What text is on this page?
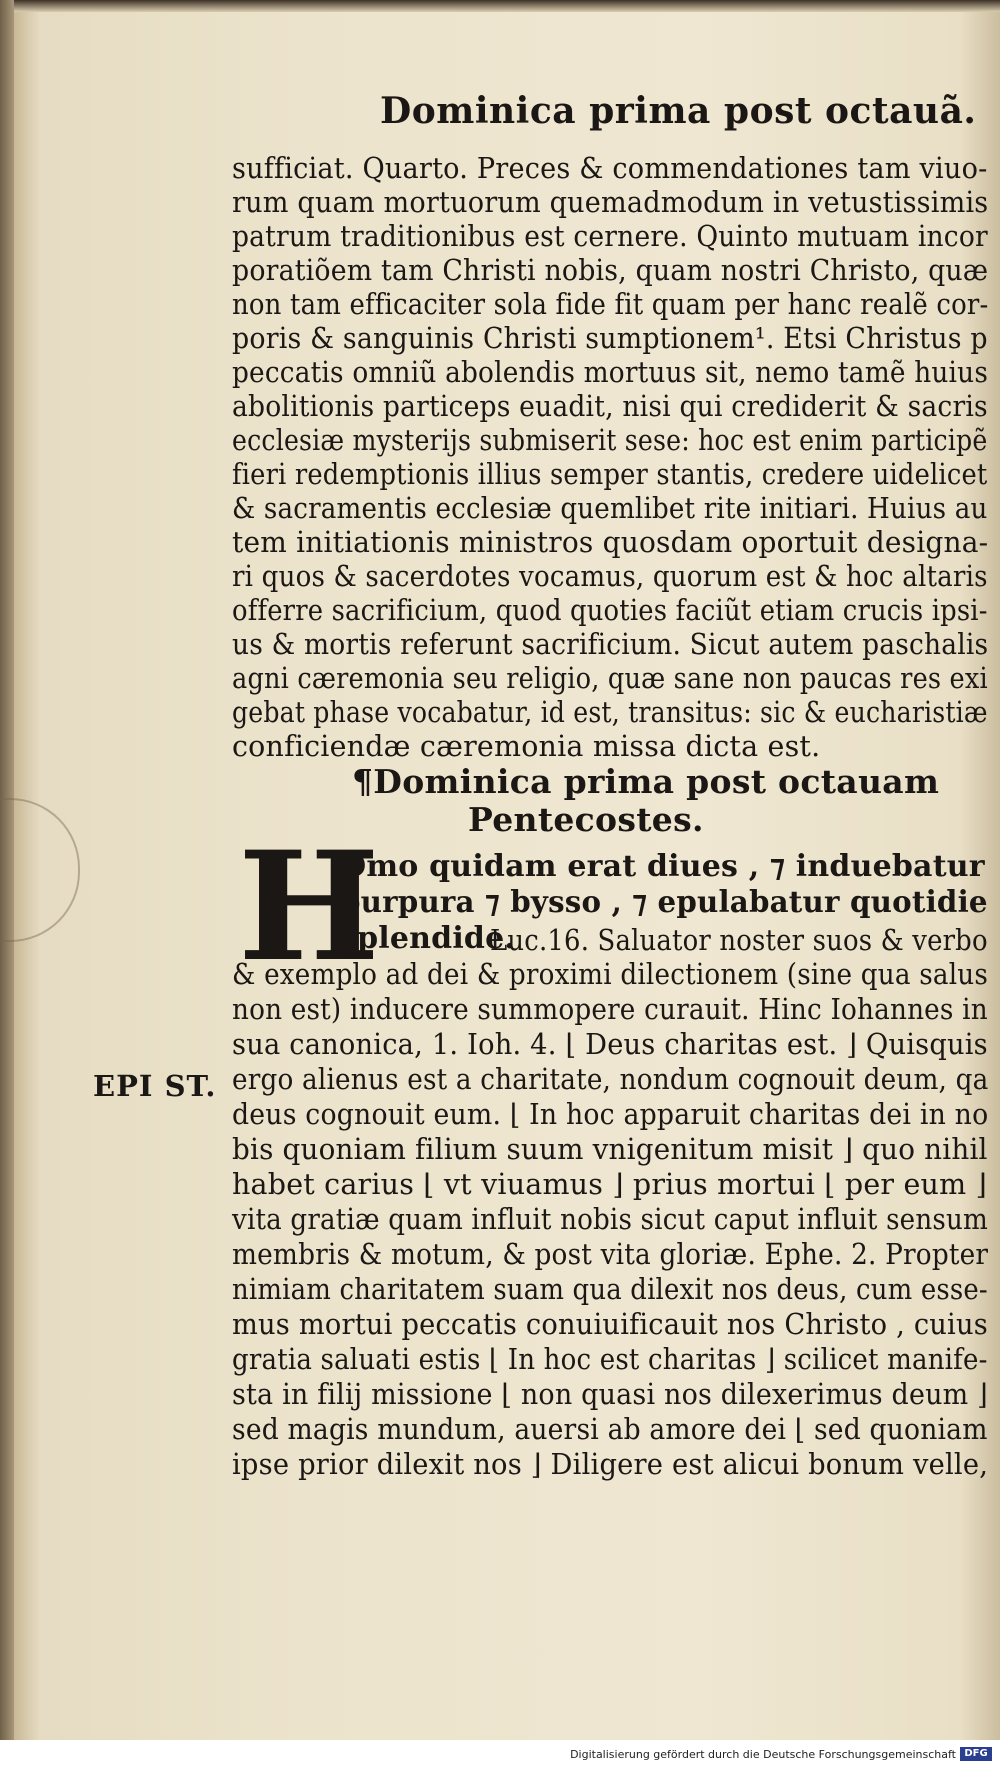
Dominica prima post octauã.
sufficiat. Quarto. Preces & commendationes tam viuo-
rum quam mortuorum quemadmodum in vetustissimis
patrum traditionibus est cernere. Quinto mutuam incor
poratiõem tam Christi nobis, quam nostri Christo, quæ
non tam efficaciter sola fide fit quam per hanc realẽ cor-
poris & sanguinis Christi sumptionem¹. Etsi Christus p
peccatis omniũ abolendis mortuus sit, nemo tamẽ huius
abolitionis particeps euadit, nisi qui crediderit & sacris
ecclesiæ mysterijs submiserit sese: hoc est enim participẽ
fieri redemptionis illius semper stantis, credere uidelicet
& sacramentis ecclesiæ quemlibet rite initiari. Huius au
tem initiationis ministros quosdam oportuit designa-
ri quos & sacerdotes vocamus, quorum est & hoc altaris
offerre sacrificium, quod quoties faciũt etiam crucis ipsi-
us & mortis referunt sacrificium. Sicut autem paschalis
agni cæremonia seu religio, quæ sane non paucas res exi
gebat phase vocabatur, id est, transitus: sic & eucharistiæ
conficiendæ cæremonia missa dicta est.
¶Dominica prima post octauam
Pentecostes.
H
Omo quidam erat diues , ⁊ induebatur
purpura ⁊ bysso , ⁊ epulabatur quotidie
splendide.
Luc.16. Saluator noster suos & verbo
EPI ST.
& exemplo ad dei & proximi dilectionem (sine qua salus
non est) inducere summopere curauit. Hinc Iohannes in
sua canonica, 1. Ioh. 4. ⌊ Deus charitas est. ⌋ Quisquis
ergo alienus est a charitate, nondum cognouit deum, qa
deus cognouit eum. ⌊ In hoc apparuit charitas dei in no
bis quoniam filium suum vnigenitum misit ⌋ quo nihil
habet carius ⌊ vt viuamus ⌋ prius mortui ⌊ per eum ⌋
vita gratiæ quam influit nobis sicut caput influit sensum
membris & motum, & post vita gloriæ. Ephe. 2. Propter
nimiam charitatem suam qua dilexit nos deus, cum esse-
mus mortui peccatis conuiuificauit nos Christo , cuius
gratia saluati estis ⌊ In hoc est charitas ⌋ scilicet manife-
sta in filij missione ⌊ non quasi nos dilexerimus deum ⌋
sed magis mundum, auersi ab amore dei ⌊ sed quoniam
ipse prior dilexit nos ⌋ Diligere est alicui bonum velle,
Digitalisierung gefördert durch die Deutsche Forschungsgemeinschaft DFG
